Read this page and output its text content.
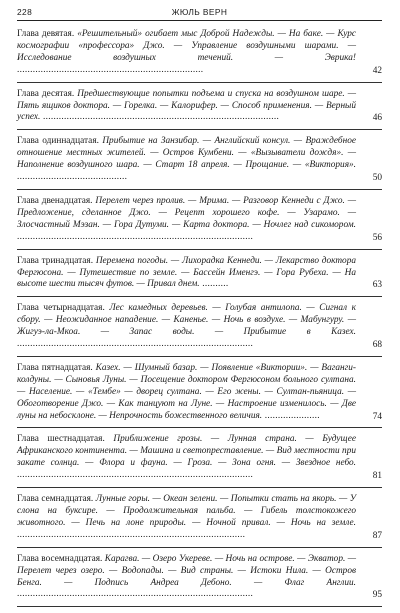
228	ЖЮЛЬ ВЕРН
Глава девятая. «Решительный» огибает мыс Доброй Надежды. — На баке. — Курс космографии «профессора» Джо. — Управление воздушными шарами. — Исследование воздушных течений. — Эврика! .......................................................................	42
Глава десятая. Предшествующие попытки подъема и спуска на воздушном шаре. — Пять ящиков доктора. — Горелка. — Калорифер. — Способ применения. — Верный успех. ..........................................................................................	46
Глава одиннадцатая. Прибытие на Занзибар. — Английский консул. — Враждебное отношение местных жителей. — Остров Кумбени. — «Вызыватели дождя». — Наполнение воздушного шара. — Старт 18 апреля. — Прощание. — «Виктория». ..........................................	50
Глава двенадцатая. Перелет через пролив. — Мрима. — Разговор Кеннеди с Джо. — Предложение, сделанное Джо. — Рецепт хорошего кофе. — Узарамо. — Злосчастный Мэзан. — Гора Дутуми. — Карта доктора. — Ночлег над сикомором. ..........................................................................................	56
Глава тринадцатая. Перемена погоды. — Лихорадка Кеннеди. — Лекарство доктора Фергюсона. — Путешествие по земле. — Бассейн Именгэ. — Гора Рубеха. — На высоте шести тысяч футов. — Привал днем. ..........	63
Глава четырнадцатая. Лес камедных деревьев. — Голубая антилопа. — Сигнал к сбору. — Неожиданное нападение. — Каненье. — Ночь в воздухе. — Мабунгуру. — Жигуэ-ла-Мкоа. — Запас воды. — Прибытие в Казех. ..........................................................................................	68
Глава пятнадцатая. Казех. — Шумный базар. — Появление «Виктории». — Ваганги-колдуны. — Сыновья Луны. — Посещение доктором Фергюсоном больного султана. — Население. — «Тембе» — дворец султана. — Его жены. — Султан-пьяница. — Обоготворение Джо. — Как танцуют на Луне. — Настроение изменилось. — Две луны на небосклоне. — Непрочность божественного величия. .....................	74
Глава шестнадцатая. Приближение грозы. — Лунная страна. — Будущее Африканского континента. — Машина и светопреставление. — Вид местности при закате солнца. — Флора и фауна. — Гроза. — Зона огня. — Звездное небо. ..........................................................................................	81
Глава семнадцатая. Лунные горы. — Океан зелени. — Попытки стать на якорь. — У слона на буксире. — Продолжительная пальба. — Гибель толстокожего животного. — Печь на лоне природы. — Ночной привал. — Ночь на земле. .......................................................................................	87
Глава восемнадцатая. Карагва. — Озеро Укереве. — Ночь на острове. — Экватор. — Перелет через озеро. — Водопады. — Вид страны. — Истоки Нила. — Остров Бенга. — Подпись Андреа Дебоно. — Флаг Англии. ..........................................................................................	95
